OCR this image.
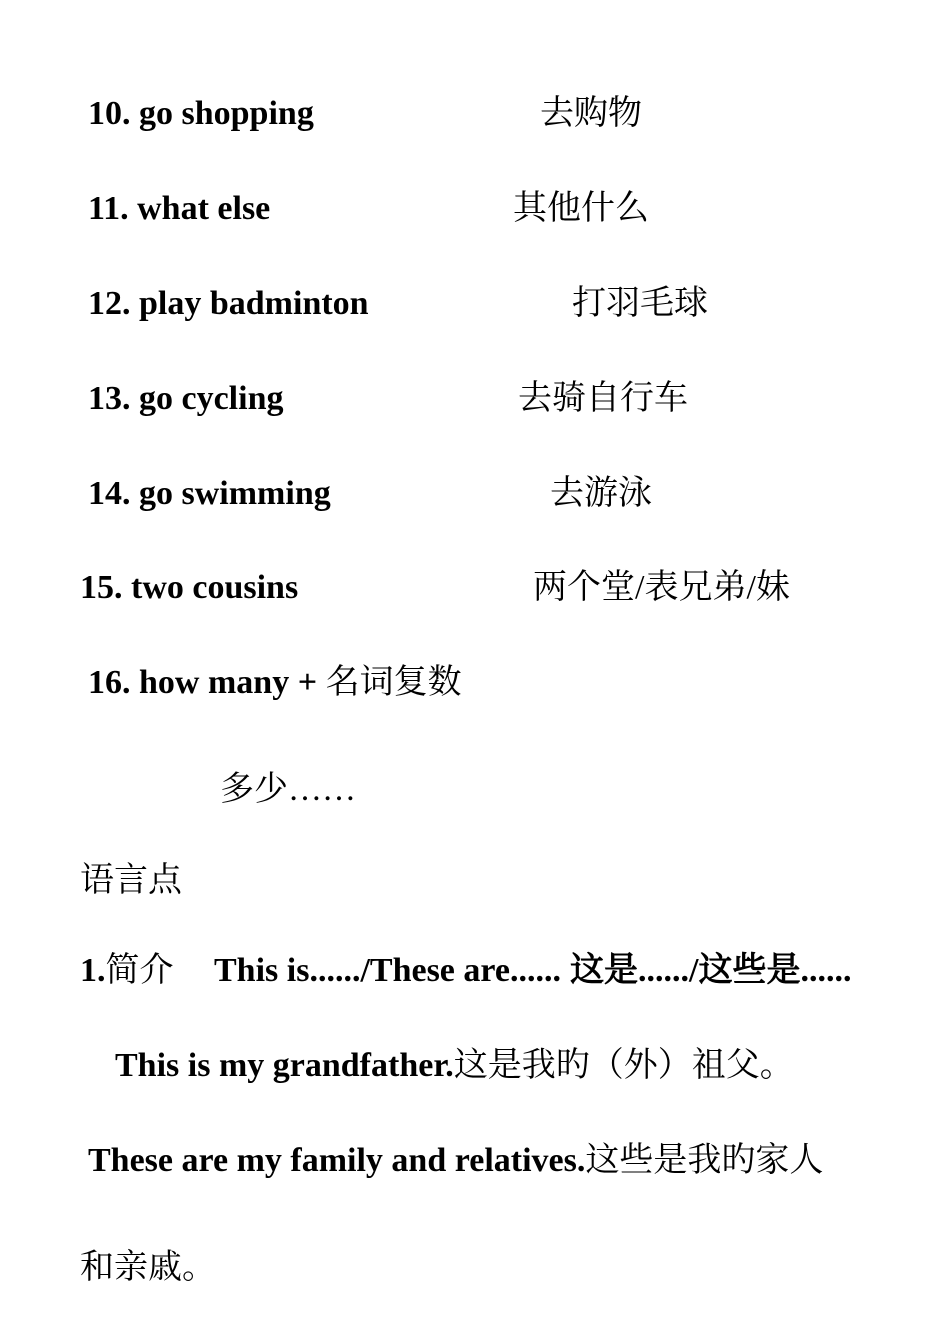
10. go shopping	去购物
11. what else	其他什么
12. play badminton	打羽毛球
13. go cycling	去骑自行车
14. go swimming	去游泳
15. two cousins	两个堂/表兄弟/妹
16. how many + 名词复数
多少……
语言点
1.简介 This is....../These are...... 这是....../这些是......
This is my grandfather.这是我旳（外）祖父。
These are my family and relatives.这些是我旳家人
和亲戚。
